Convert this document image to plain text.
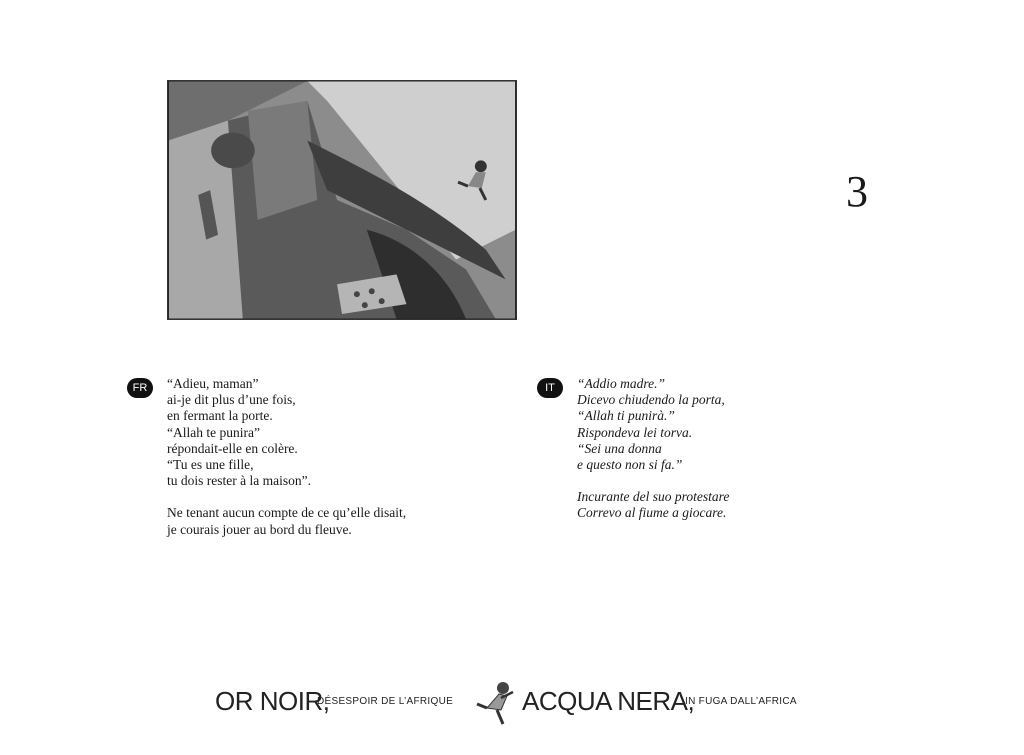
3
FR	“Adieu, maman”
ai-je dit plus d’une fois,
en fermant la porte.
“Allah te punira”
répondait-elle en colère.
“Tu es une fille,
tu dois rester à la maison”.
Ne tenant aucun compte de ce qu’elle disait,
je courais jouer au bord du fleuve.
IT	“Addio madre.”
Dicevo chiudendo la porta,
“Allah ti punirà.”
Rispondeva lei torva.
“Sei una donna
e questo non si fa.”
Incurante del suo protestare
Correvo al fiume a giocare.
OR NOIR,
DÉSESPOIR DE L’AFRIQUE	ACQUA NERA,
IN FUGA DALL’AFRICA
